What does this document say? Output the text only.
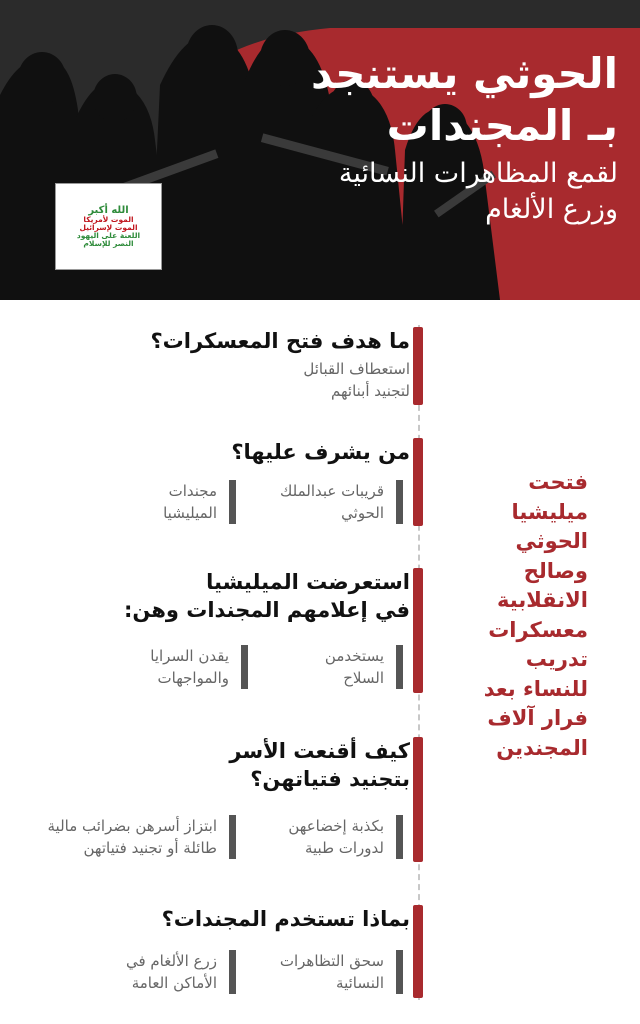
الله أكبر
الموت لأمريكا
الموت لإسرائيل
اللعنة على اليهود
النصر للإسلام
الحوثي يستنجد
بـ المجندات
لقمع المظاهرات النسائية
وزرع الألغام
ما هدف فتح المعسكرات؟
استعطاف القبائل
لتجنيد أبنائهم
من يشرف عليها؟
قريبات عبدالملك
الحوثي
مجندات
الميليشيا
استعرضت الميليشيا
في إعلامهم المجندات وهن:
يستخدمن
السلاح
يقدن السرايا
والمواجهات
كيف أقنعت الأسر
بتجنيد فتياتهن؟
بكذبة إخضاعهن
لدورات طبية
ابتزاز أسرهن بضرائب مالية
طائلة أو تجنيد فتياتهن
بماذا تستخدم المجندات؟
سحق التظاهرات
النسائية
زرع الألغام في
الأماكن العامة
فتحت
ميليشيا
الحوثي
وصالح
الانقلابية
معسكرات
تدريب
للنساء بعد
فرار آلاف
المجندين
